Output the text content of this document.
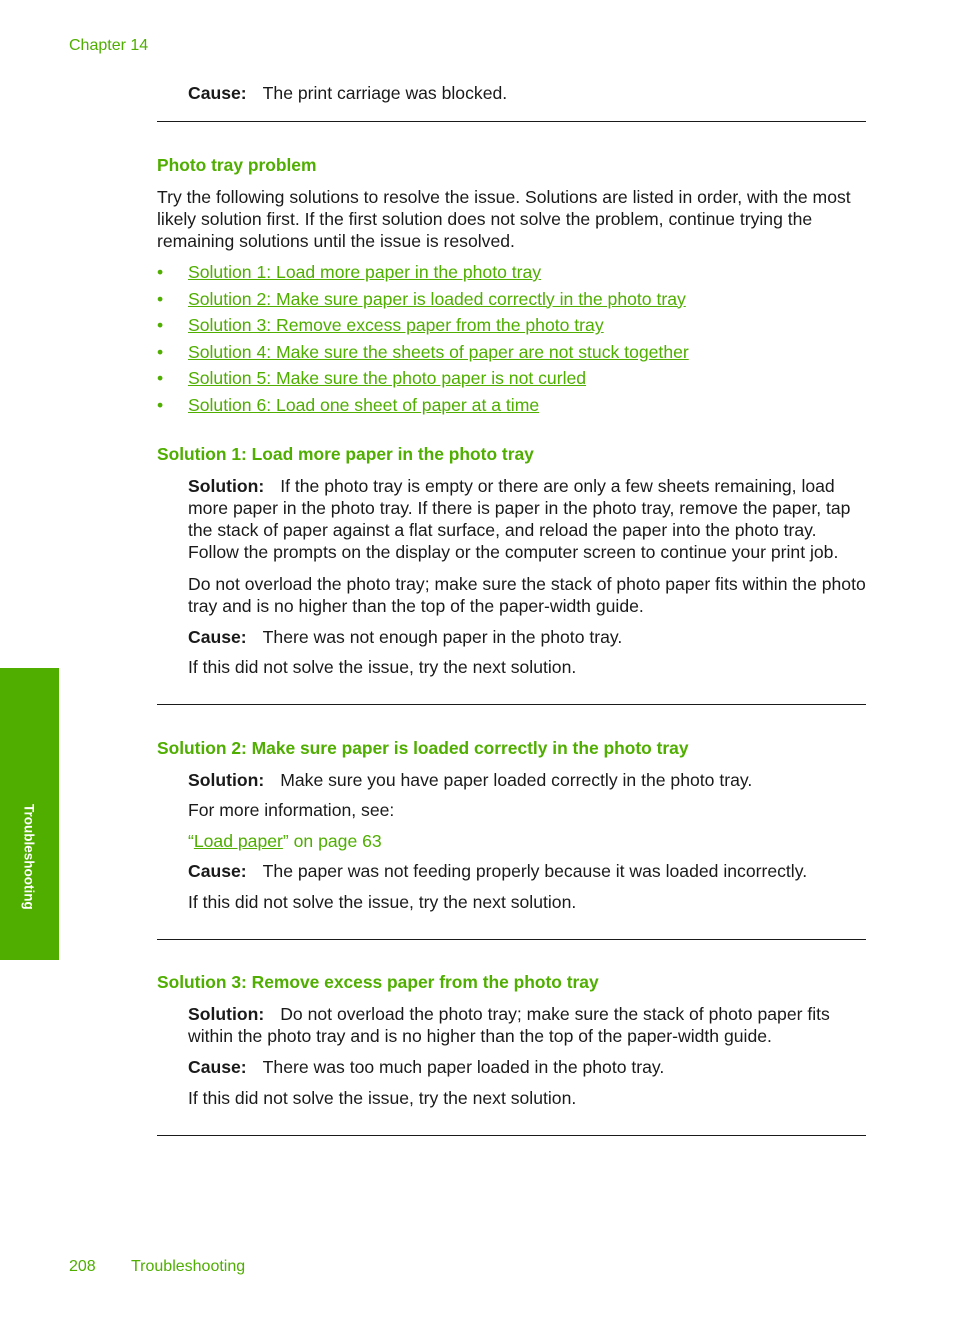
Chapter 14
Cause: The print carriage was blocked.
Photo tray problem
Try the following solutions to resolve the issue. Solutions are listed in order, with the most likely solution first. If the first solution does not solve the problem, continue trying the remaining solutions until the issue is resolved.
• Solution 1: Load more paper in the photo tray
• Solution 2: Make sure paper is loaded correctly in the photo tray
• Solution 3: Remove excess paper from the photo tray
• Solution 4: Make sure the sheets of paper are not stuck together
• Solution 5: Make sure the photo paper is not curled
• Solution 6: Load one sheet of paper at a time
Solution 1: Load more paper in the photo tray
Solution: If the photo tray is empty or there are only a few sheets remaining, load more paper in the photo tray. If there is paper in the photo tray, remove the paper, tap the stack of paper against a flat surface, and reload the paper into the photo tray. Follow the prompts on the display or the computer screen to continue your print job.
Do not overload the photo tray; make sure the stack of photo paper fits within the photo tray and is no higher than the top of the paper-width guide.
Cause: There was not enough paper in the photo tray.
If this did not solve the issue, try the next solution.
Solution 2: Make sure paper is loaded correctly in the photo tray
Solution: Make sure you have paper loaded correctly in the photo tray.
For more information, see:
“Load paper” on page 63
Cause: The paper was not feeding properly because it was loaded incorrectly.
If this did not solve the issue, try the next solution.
Solution 3: Remove excess paper from the photo tray
Solution: Do not overload the photo tray; make sure the stack of photo paper fits within the photo tray and is no higher than the top of the paper-width guide.
Cause: There was too much paper loaded in the photo tray.
If this did not solve the issue, try the next solution.
Troubleshooting
208 Troubleshooting
